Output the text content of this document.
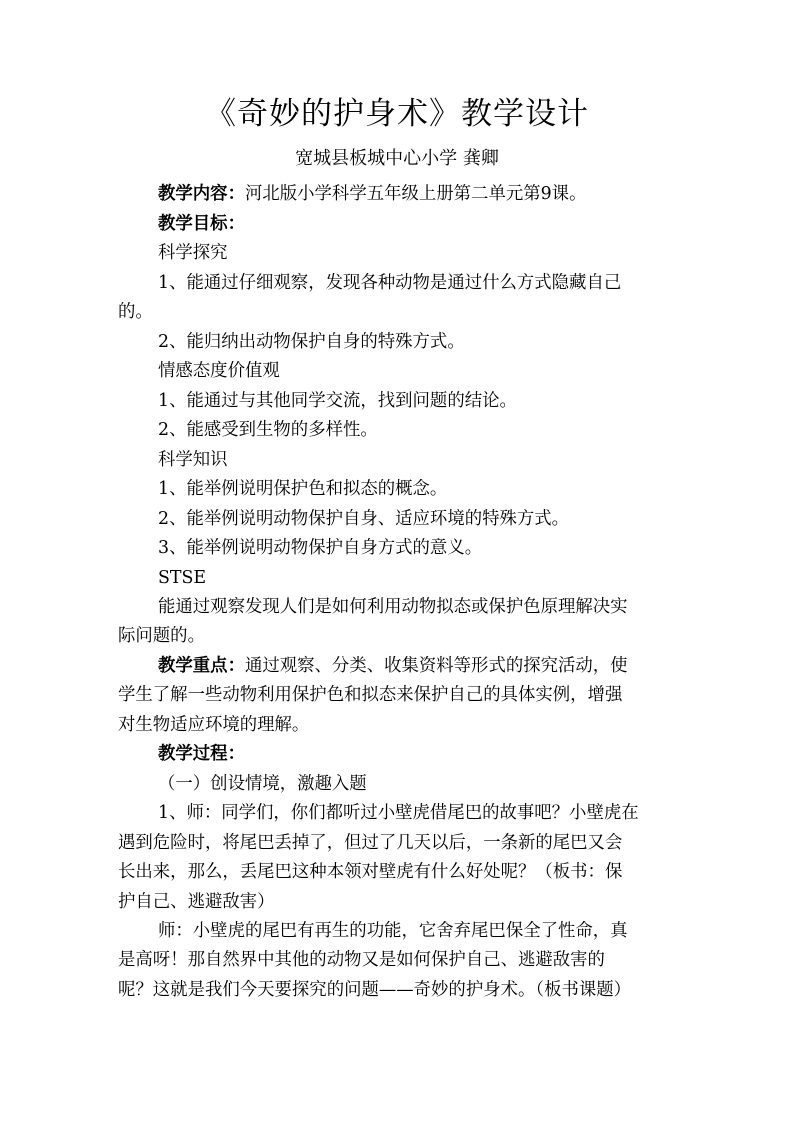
《奇妙的护身术》教学设计
宽城县板城中心小学 龚卿
教学内容：河北版小学科学五年级上册第二单元第9课。
教学目标：
科学探究
1、能通过仔细观察，发现各种动物是通过什么方式隐藏自己
的。
2、能归纳出动物保护自身的特殊方式。
情感态度价值观
1、能通过与其他同学交流，找到问题的结论。
2、能感受到生物的多样性。
科学知识
1、能举例说明保护色和拟态的概念。
2、能举例说明动物保护自身、适应环境的特殊方式。
3、能举例说明动物保护自身方式的意义。
STSE
能通过观察发现人们是如何利用动物拟态或保护色原理解决实
际问题的。
教学重点：通过观察、分类、收集资料等形式的探究活动，使
学生了解一些动物利用保护色和拟态来保护自己的具体实例，增强
对生物适应环境的理解。
教学过程：
（一）创设情境，激趣入题
1、师：同学们，你们都听过小壁虎借尾巴的故事吧？小壁虎在
遇到危险时，将尾巴丢掉了，但过了几天以后，一条新的尾巴又会
长出来，那么，丢尾巴这种本领对壁虎有什么好处呢？（板书：保
护自己、逃避敌害）
师：小壁虎的尾巴有再生的功能，它舍弃尾巴保全了性命，真
是高呀！那自然界中其他的动物又是如何保护自己、逃避敌害的
呢？这就是我们今天要探究的问题——奇妙的护身术。（板书课题）
